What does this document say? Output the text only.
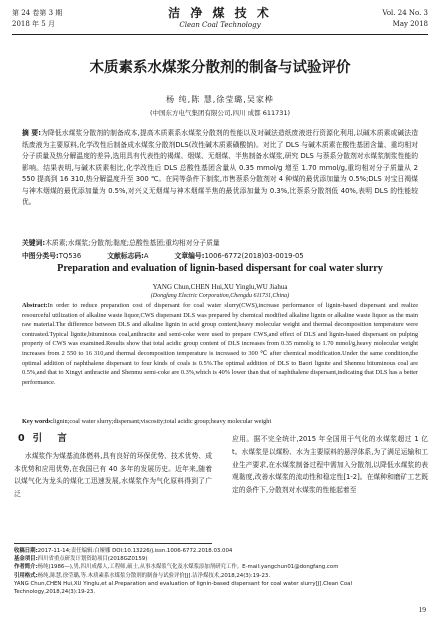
第 24 卷第 3 期
2018 年 5 月
洁 净 煤 技 术
Clean Coal Technology
Vol. 24 No. 3
May 2018
木质素系水煤浆分散剂的制备与试验评价
杨 纯,陈 慧,徐莹璐,吴家桦
(中国东方电气集团有限公司,四川 成都 611731)
摘 要:为降低水煤浆分散剂的制备成本,提高木质素系水煤浆分散剂的性能以及对碱法造纸废液进行资源化利用,以碱木质素或碱法造纸废液为主要原料,化学改性后制备成水煤浆分散剂DLS(改性碱木质素磺酸钠)。对比了 DLS 与碱木质素在酸性基团含量、重均相对分子质量及热分解温度的差异,选用具有代表性的褐煤、烟煤、无烟煤、半焦制备水煤浆,研究 DLS 与萘系分散剂对水煤浆制浆性能的影响。结果表明,与碱木质素相比,化学改性后 DLS 总酸性基团含量从 0.35 mmol/g 增至 1.70 mmol/g,重均相对分子质量从 2 550 提高到 16 310,热分解温度升至 300 ℃。在同等条件下制浆,市售萘系分散剂对 4 种煤的最优添加量为 0.5%;DLS 对宝日褐煤与神木烟煤的最优添加量为 0.5%,对兴义无烟煤与神木烟煤半焦的最优添加量为 0.3%,比萘系分散剂低 40%,表明 DLS 的性能较优。
关键词:木质素;水煤浆;分散剂;黏度;总酸性基团;重均相对分子质量
中图分类号:TQ536	文献标志码:A	文章编号:1006-6772(2018)03-0019-05
Preparation and evaluation of lignin-based dispersant for coal water slurry
YANG Chun,CHEN Hui,XU Yinglu,WU Jiahua
(Dongfang Electric Corporation,Chengdu 611731,China)
Abstract:In order to reduce preparation cost of dispersant for coal water slurry(CWS),increase performance of lignin-based dispersant and realize resourceful utilization of alkaline waste liquor,CWS dispersant DLS was prepared by chemical modified alkaline lignin or alkaline waste liquor as the main raw material.The difference between DLS and alkaline lignin in acid group content,heavy molecular weight and thermal decomposition temperature were contrasted.Typical lignite,bituminous coal,anthracite and semi-coke were used to prepare CWS,and effect of DLS and lignin-based dispersant on pulping property of CWS was examined.Results show that total acidic group content of DLS increases from 0.35 mmol/g to 1.70 mmol/g,heavy molecular weight increases from 2 550 to 16 310,and thermal decomposition temperature is increased to 300 ℃ after chemical modification.Under the same condition,the optimal addition of naphthalene dispersant to four kinds of coals is 0.5%.The optimal addition of DLS to Baori lignite and Shenmu bituminous coal are 0.5%,and that to Xingyi anthracite and Shenmu semi-coke are 0.3%,which is 40% lower than that of naphthalene dispersant,indicating that DLS has a better performance.
Key words:lignin;coal water slurry;dispersant;viscosity;total acidic group;heavy molecular weight
0 引 言
水煤浆作为煤基流体燃料,具有良好的环保优势、技术优势、成本优势和应用优势,在我国已有 40 多年的发展历史。近年来,随着以煤气化为龙头的煤化工迅速发展,水煤浆作为气化原料得到了广泛
应用。据不完全统计,2015 年全国用于气化的水煤浆超过 1 亿 t。水煤浆是以煤粉、水为主要原料的悬浮体系,为了满足运输和工业生产要求,在水煤浆制备过程中需加入分散剂,以降低水煤浆的表观黏度,改善水煤浆的流动性和稳定性[1-2]。在煤种和磨矿工艺既定的条件下,分散剂对水煤浆的性能起着至
收稿日期:2017-11-14;责任编辑:白娅娜 DOI:10.13226/j.issn.1006-6772.2018.03.004
基金项目:四川省重点研发计划资助项目(2018GZ0159)
作者简介:杨纯(1986—),男,四川成都人,工程师,硕士,从事水煤浆气化及水煤浆添加剂研究工作。E-mail:yangchun01@dongfang.com
引用格式:杨纯,陈慧,徐莹璐,等.木质素系水煤浆分散剂的制备与试验评价[J].洁净煤技术,2018,24(3):19-23.
YANG Chun,CHEN Hui,XU Yinglu,et al.Preparation and evaluation of lignin-based dispersant for coal water slurry[J].Clean Coal Technology,2018,24(3):19-23.
19
